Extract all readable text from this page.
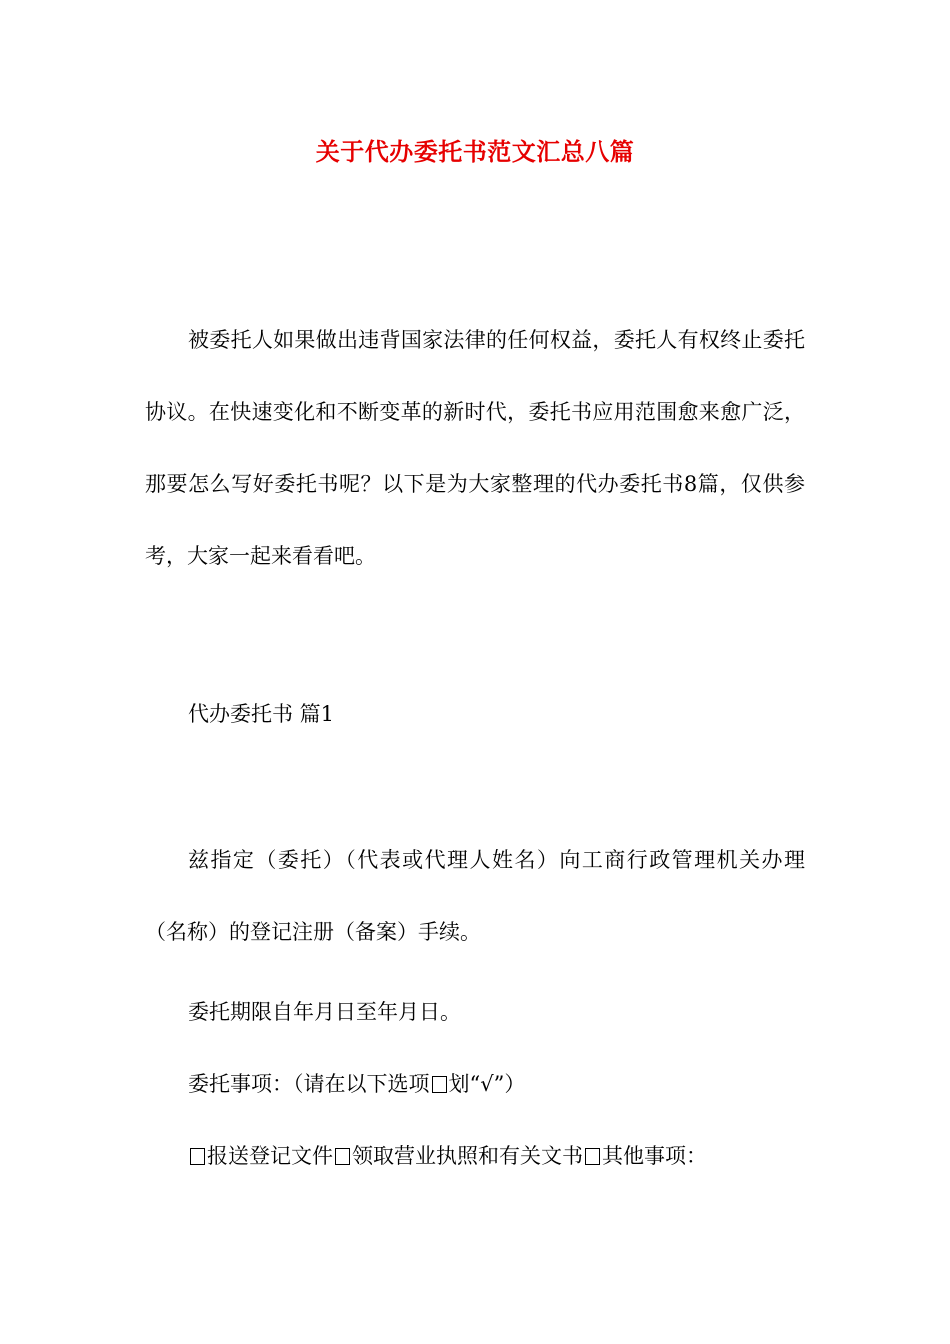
关于代办委托书范文汇总八篇

被委托人如果做出违背国家法律的任何权益，委托人有权终止委托协议。在快速变化和不断变革的新时代，委托书应用范围愈来愈广泛，那要怎么写好委托书呢？以下是为大家整理的代办委托书8篇，仅供参考，大家一起来看看吧。

代办委托书 篇1

兹指定（委托）（代表或代理人姓名）向工商行政管理机关办理（名称）的登记注册（备案）手续。

委托期限自年月日至年月日。

委托事项：（请在以下选项 划“√”）

报送登记文件 领取营业执照和有关文书 其他事项：
